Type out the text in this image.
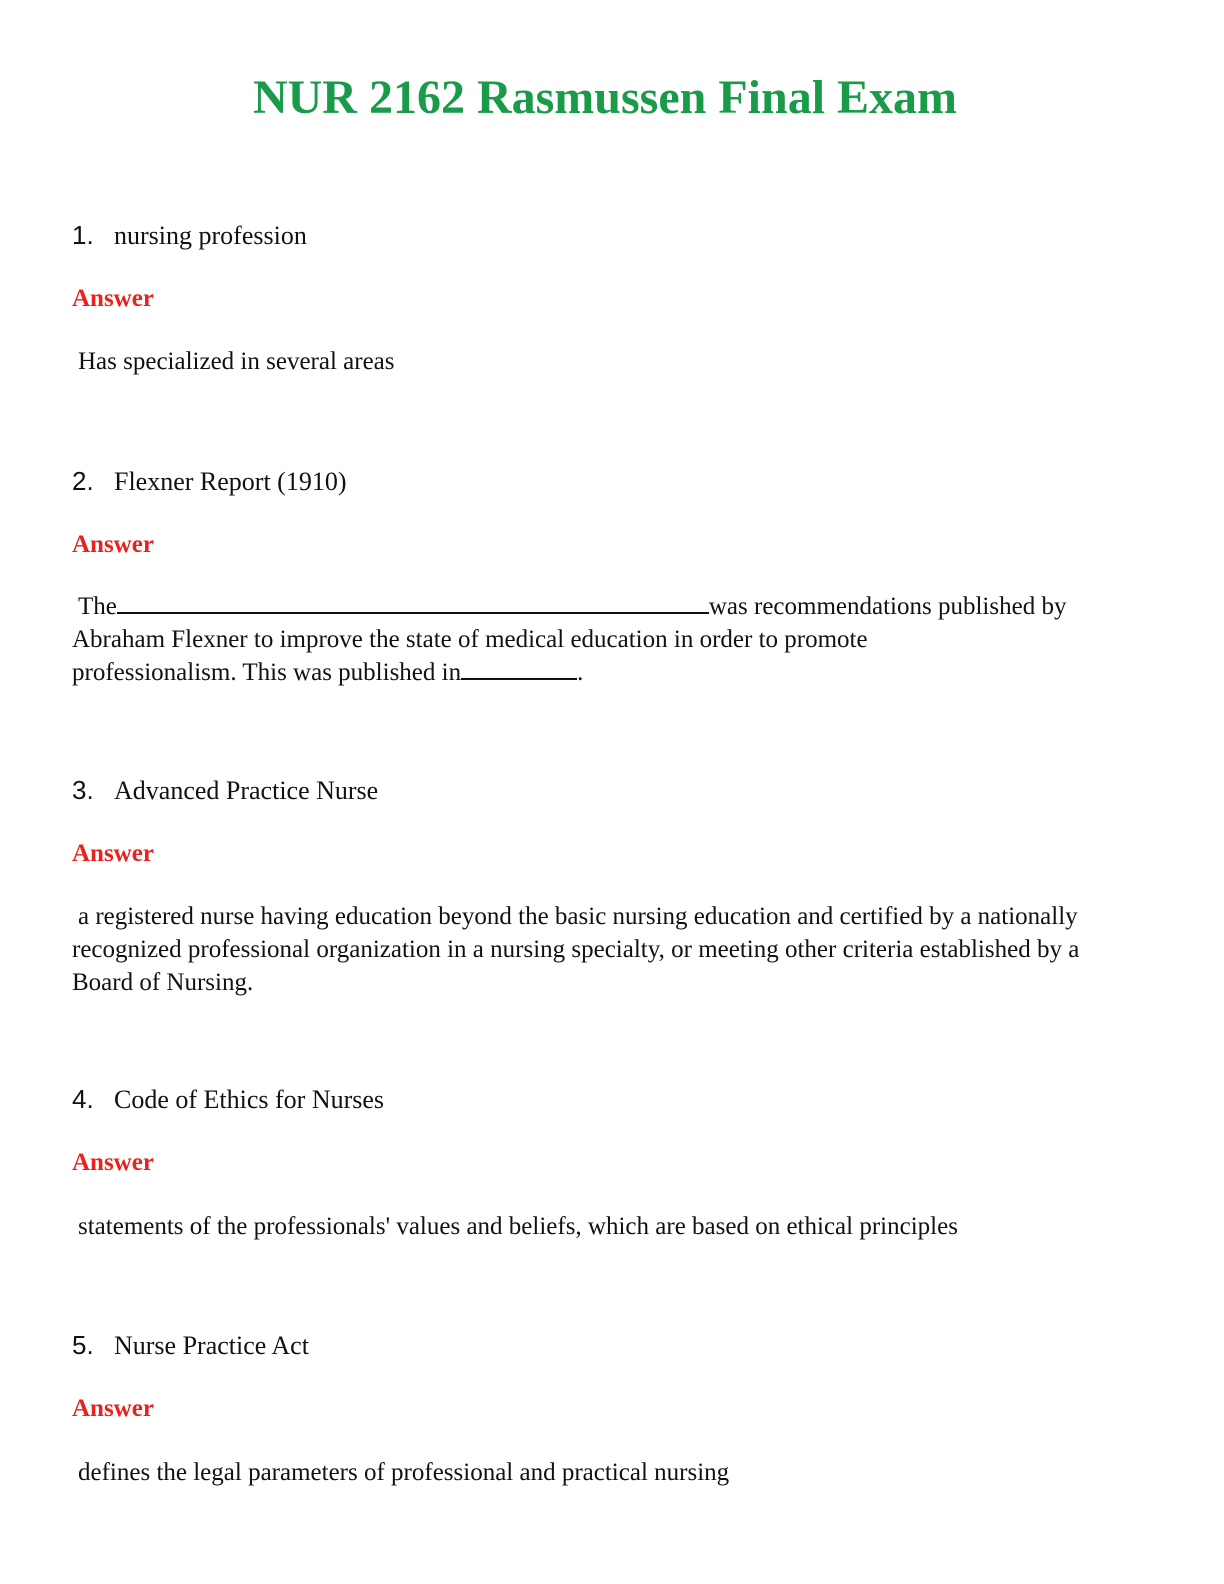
NUR 2162 Rasmussen Final Exam
1. nursing profession
Answer
Has specialized in several areas
2. Flexner Report (1910)
Answer
The	was recommendations published by
Abraham Flexner to improve the state of medical education in order to promote
professionalism. This was published in	.
3. Advanced Practice Nurse
Answer
a registered nurse having education beyond the basic nursing education and certified by a nationally recognized professional organization in a nursing specialty, or meeting other criteria established by a Board of Nursing.
4. Code of Ethics for Nurses
Answer
statements of the professionals' values and beliefs, which are based on ethical principles
5. Nurse Practice Act
Answer
defines the legal parameters of professional and practical nursing
